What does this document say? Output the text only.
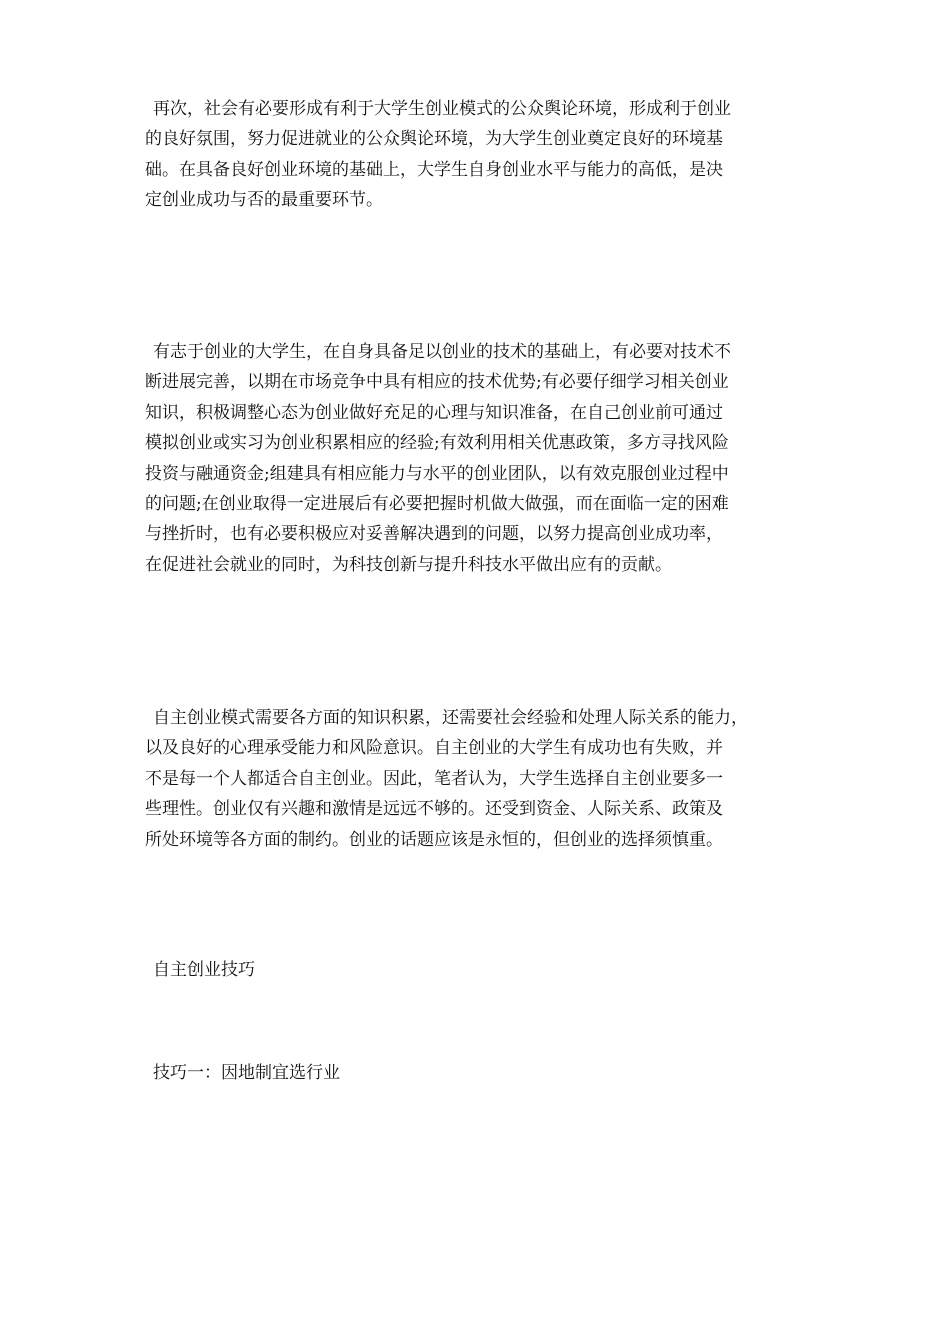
再次，社会有必要形成有利于大学生创业模式的公众舆论环境，形成利于创业
的良好氛围，努力促进就业的公众舆论环境，为大学生创业奠定良好的环境基
础。在具备良好创业环境的基础上，大学生自身创业水平与能力的高低，是决
定创业成功与否的最重要环节。

有志于创业的大学生，在自身具备足以创业的技术的基础上，有必要对技术不
断进展完善，以期在市场竞争中具有相应的技术优势;有必要仔细学习相关创业
知识，积极调整心态为创业做好充足的心理与知识准备，在自己创业前可通过
模拟创业或实习为创业积累相应的经验;有效利用相关优惠政策，多方寻找风险
投资与融通资金;组建具有相应能力与水平的创业团队，以有效克服创业过程中
的问题;在创业取得一定进展后有必要把握时机做大做强，而在面临一定的困难
与挫折时，也有必要积极应对妥善解决遇到的问题，以努力提高创业成功率，
在促进社会就业的同时，为科技创新与提升科技水平做出应有的贡献。

自主创业模式需要各方面的知识积累，还需要社会经验和处理人际关系的能力，
以及良好的心理承受能力和风险意识。自主创业的大学生有成功也有失败，并
不是每一个人都适合自主创业。因此，笔者认为，大学生选择自主创业要多一
些理性。创业仅有兴趣和激情是远远不够的。还受到资金、人际关系、政策及
所处环境等各方面的制约。创业的话题应该是永恒的，但创业的选择须慎重。

自主创业技巧

技巧一：因地制宜选行业
